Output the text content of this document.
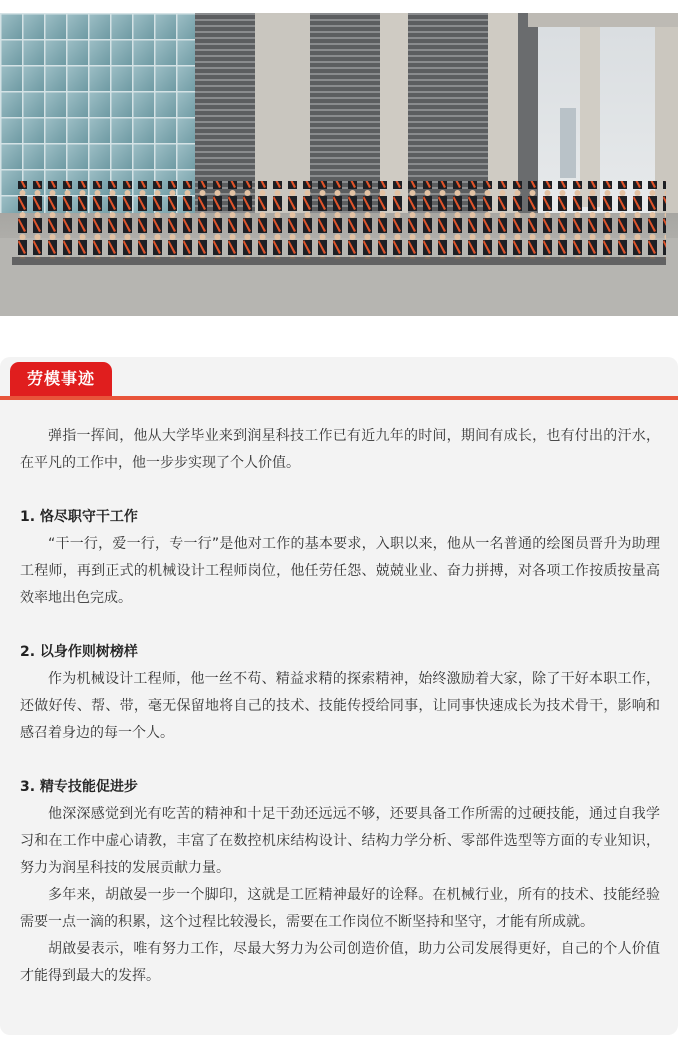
劳模事迹

弹指一挥间，他从大学毕业来到润星科技工作已有近九年的时间，期间有成长，也有付出的汗水，在平凡的工作中，他一步步实现了个人价值。

1. 恪尽职守干工作

“干一行，爱一行，专一行”是他对工作的基本要求，入职以来，他从一名普通的绘图员晋升为助理工程师，再到正式的机械设计工程师岗位，他任劳任怨、兢兢业业、奋力拼搏，对各项工作按质按量高效率地出色完成。

2. 以身作则树榜样

作为机械设计工程师，他一丝不苟、精益求精的探索精神，始终激励着大家，除了干好本职工作，还做好传、帮、带，毫无保留地将自己的技术、技能传授给同事，让同事快速成长为技术骨干，影响和感召着身边的每一个人。

3. 精专技能促进步

他深深感觉到光有吃苦的精神和十足干劲还远远不够，还要具备工作所需的过硬技能，通过自我学习和在工作中虚心请教，丰富了在数控机床结构设计、结构力学分析、零部件选型等方面的专业知识，努力为润星科技的发展贡献力量。

多年来，胡啟晏一步一个脚印，这就是工匠精神最好的诠释。在机械行业，所有的技术、技能经验需要一点一滴的积累，这个过程比较漫长，需要在工作岗位不断坚持和坚守，才能有所成就。

胡啟晏表示，唯有努力工作，尽最大努力为公司创造价值，助力公司发展得更好，自己的个人价值才能得到最大的发挥。
